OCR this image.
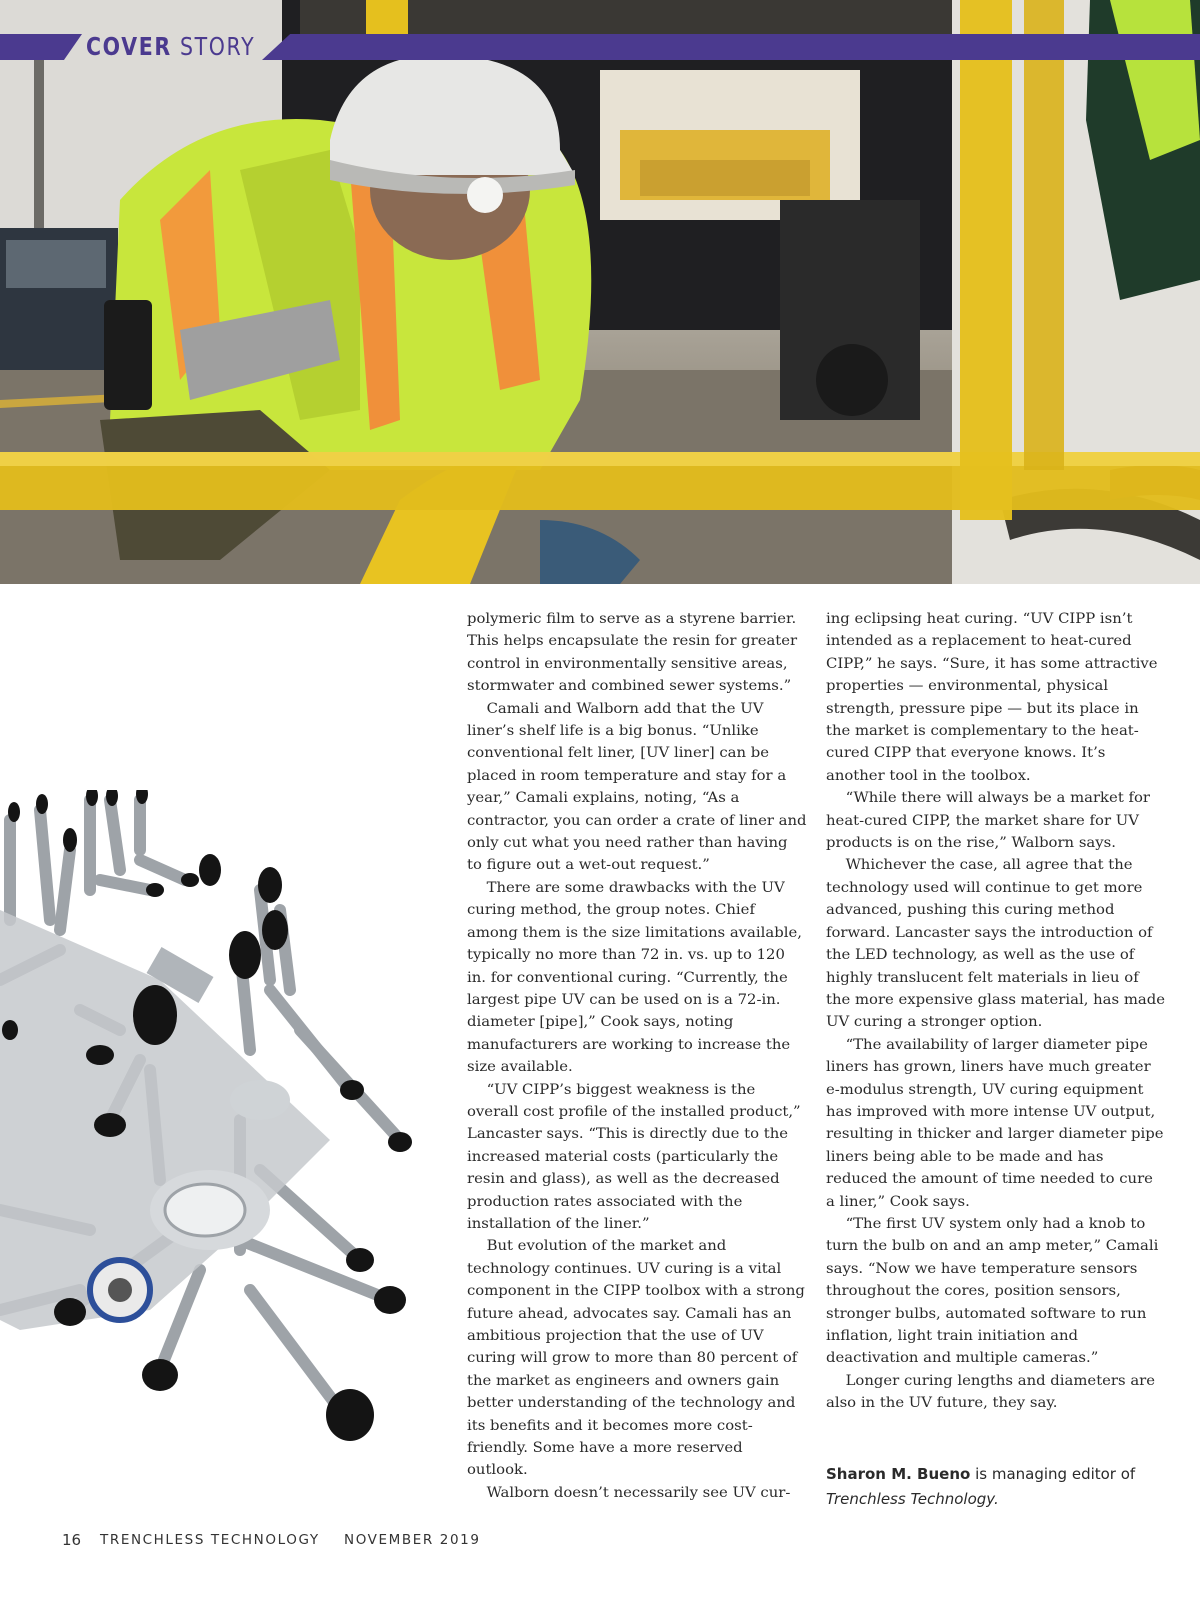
COVER STORY

polymeric film to serve as a styrene barrier. This helps encapsulate the resin for greater control in environmentally sensitive areas, stormwater and combined sewer systems.”

Camali and Walborn add that the UV liner’s shelf life is a big bonus. “Unlike conventional felt liner, [UV liner] can be placed in room temperature and stay for a year,” Camali explains, noting, “As a contractor, you can order a crate of liner and only cut what you need rather than having to figure out a wet-out request.”

There are some drawbacks with the UV curing method, the group notes. Chief among them is the size limitations available, typically no more than 72 in. vs. up to 120 in. for conventional curing. “Currently, the largest pipe UV can be used on is a 72-in. diameter [pipe],” Cook says, noting manufacturers are working to increase the size available.

“UV CIPP’s biggest weakness is the overall cost profile of the installed product,” Lancaster says. “This is directly due to the increased material costs (particularly the resin and glass), as well as the decreased production rates associated with the installation of the liner.”

But evolution of the market and technology continues. UV curing is a vital component in the CIPP toolbox with a strong future ahead, advocates say. Camali has an ambitious projection that the use of UV curing will grow to more than 80 percent of the market as engineers and owners gain better understanding of the technology and its benefits and it becomes more cost-friendly. Some have a more reserved outlook.

Walborn doesn’t necessarily see UV cur-

ing eclipsing heat curing. “UV CIPP isn’t intended as a replacement to heat-cured CIPP,” he says. “Sure, it has some attractive properties — environmental, physical strength, pressure pipe — but its place in the market is complementary to the heat-cured CIPP that everyone knows. It’s another tool in the toolbox.

“While there will always be a market for heat-cured CIPP, the market share for UV products is on the rise,” Walborn says.

Whichever the case, all agree that the technology used will continue to get more advanced, pushing this curing method forward. Lancaster says the introduction of the LED technology, as well as the use of highly translucent felt materials in lieu of the more expensive glass material, has made UV curing a stronger option.

“The availability of larger diameter pipe liners has grown, liners have much greater e-modulus strength, UV curing equipment has improved with more intense UV output, resulting in thicker and larger diameter pipe liners being able to be made and has reduced the amount of time needed to cure a liner,” Cook says.

“The first UV system only had a knob to turn the bulb on and an amp meter,” Camali says. “Now we have temperature sensors throughout the cores, position sensors, stronger bulbs, automated software to run inflation, light train initiation and deactivation and multiple cameras.”

Longer curing lengths and diameters are also in the UV future, they say.

Sharon M. Bueno is managing editor of Trenchless Technology.
16 TRENCHLESS TECHNOLOGY NOVEMBER 2019
